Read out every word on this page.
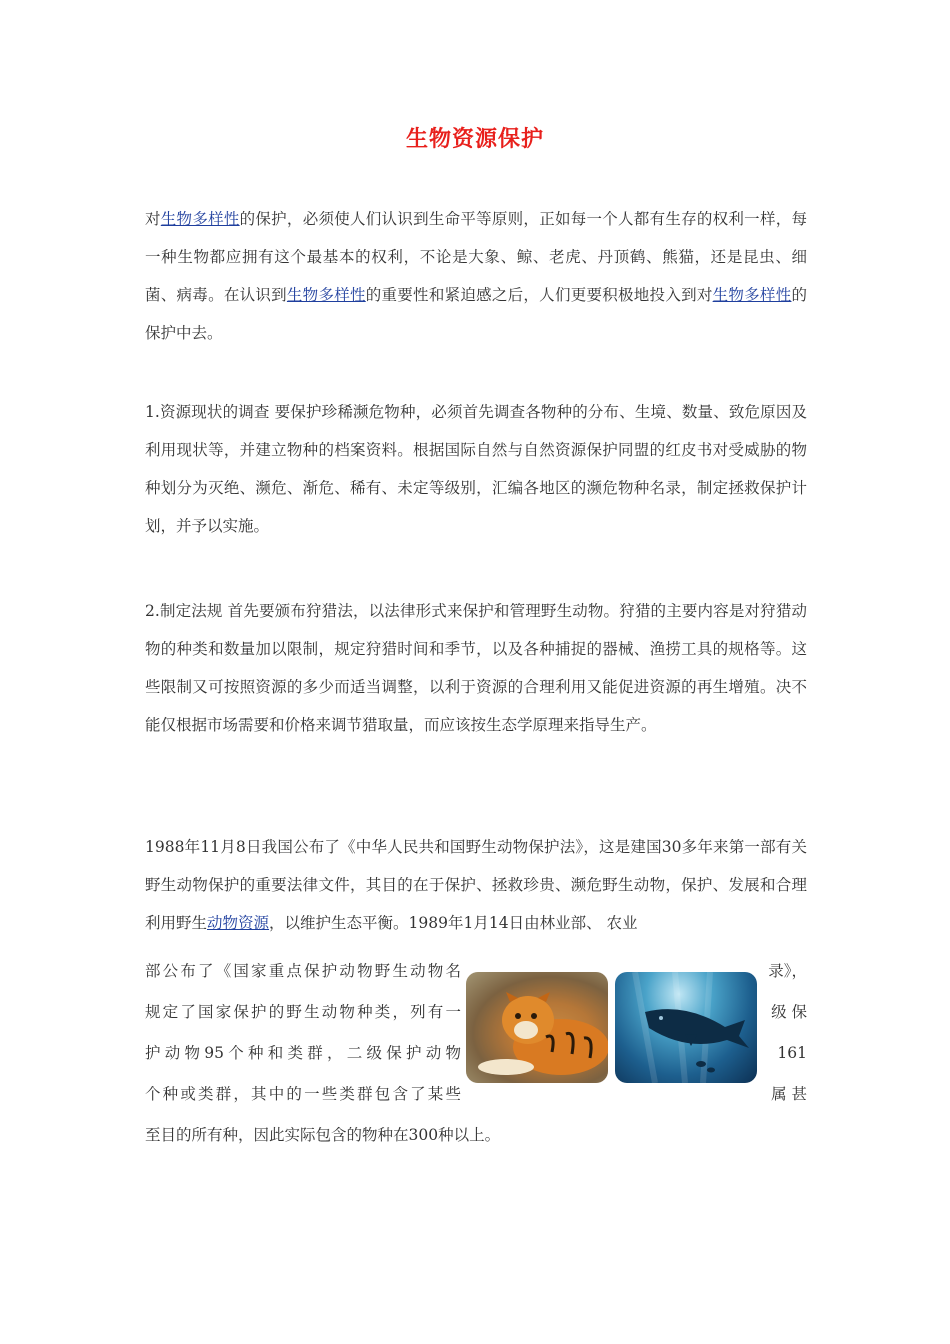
生物资源保护
对生物多样性的保护，必须使人们认识到生命平等原则，正如每一个人都有生存的权利一样，每一种生物都应拥有这个最基本的权利，不论是大象、鲸、老虎、丹顶鹤、熊猫，还是昆虫、细菌、病毒。在认识到生物多样性的重要性和紧迫感之后，人们更要积极地投入到对生物多样性的保护中去。
1.资源现状的调查 要保护珍稀濒危物种，必须首先调查各物种的分布、生境、数量、致危原因及利用现状等，并建立物种的档案资料。根据国际自然与自然资源保护同盟的红皮书对受威胁的物种划分为灭绝、濒危、渐危、稀有、未定等级别，汇编各地区的濒危物种名录，制定拯救保护计划，并予以实施。
2.制定法规 首先要颁布狩猎法，以法律形式来保护和管理野生动物。狩猎的主要内容是对狩猎动物的种类和数量加以限制，规定狩猎时间和季节，以及各种捕捉的器械、渔捞工具的规格等。这些限制又可按照资源的多少而适当调整，以利于资源的合理利用又能促进资源的再生增殖。决不能仅根据市场需要和价格来调节猎取量，而应该按生态学原理来指导生产。
1988年11月8日我国公布了《中华人民共和国野生动物保护法》，这是建国30多年来第一部有关野生动物保护的重要法律文件，其目的在于保护、拯救珍贵、濒危野生动物，保护、发展和合理利用野生动物资源，以维护生态平衡。1989年1月14日由林业部、 农业
部公布了《国家重点保护动物野生动物名	录》，
规定了国家保护的野生动物种类，列有一	级 保
护动物95个种和类群，二级保护动物	161
个种或类群，其中的一些类群包含了某些	属 甚
至目的所有种，因此实际包含的物种在300种以上。
